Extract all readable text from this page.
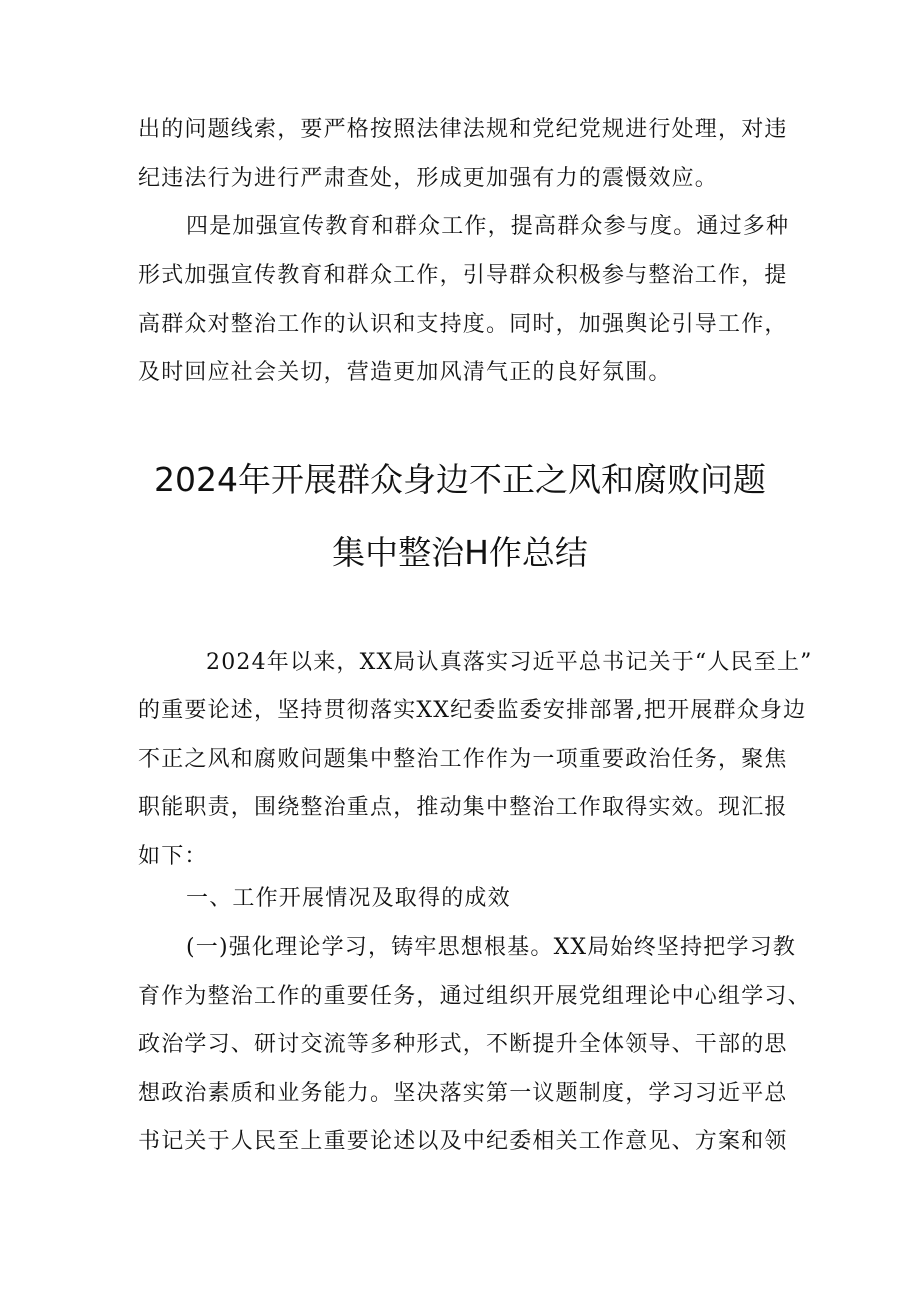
出的问题线索，要严格按照法律法规和党纪党规进行处理，对违
纪违法行为进行严肃查处，形成更加强有力的震慑效应。
四是加强宣传教育和群众工作，提高群众参与度。通过多种
形式加强宣传教育和群众工作，引导群众积极参与整治工作，提
高群众对整治工作的认识和支持度。同时，加强舆论引导工作，
及时回应社会关切，营造更加风清气正的良好氛围。
2024年开展群众身边不正之风和腐败问题
集中整治H作总结
2024年以来，XX局认真落实习近平总书记关于“人民至上”
的重要论述，坚持贯彻落实XX纪委监委安排部署,把开展群众身边
不正之风和腐败问题集中整治工作作为一项重要政治任务，聚焦
职能职责，围绕整治重点，推动集中整治工作取得实效。现汇报
如下：
一、工作开展情况及取得的成效
(一)强化理论学习，铸牢思想根基。XX局始终坚持把学习教
育作为整治工作的重要任务，通过组织开展党组理论中心组学习、
政治学习、研讨交流等多种形式，不断提升全体领导、干部的思
想政治素质和业务能力。坚决落实第一议题制度，学习习近平总
书记关于人民至上重要论述以及中纪委相关工作意见、方案和领
